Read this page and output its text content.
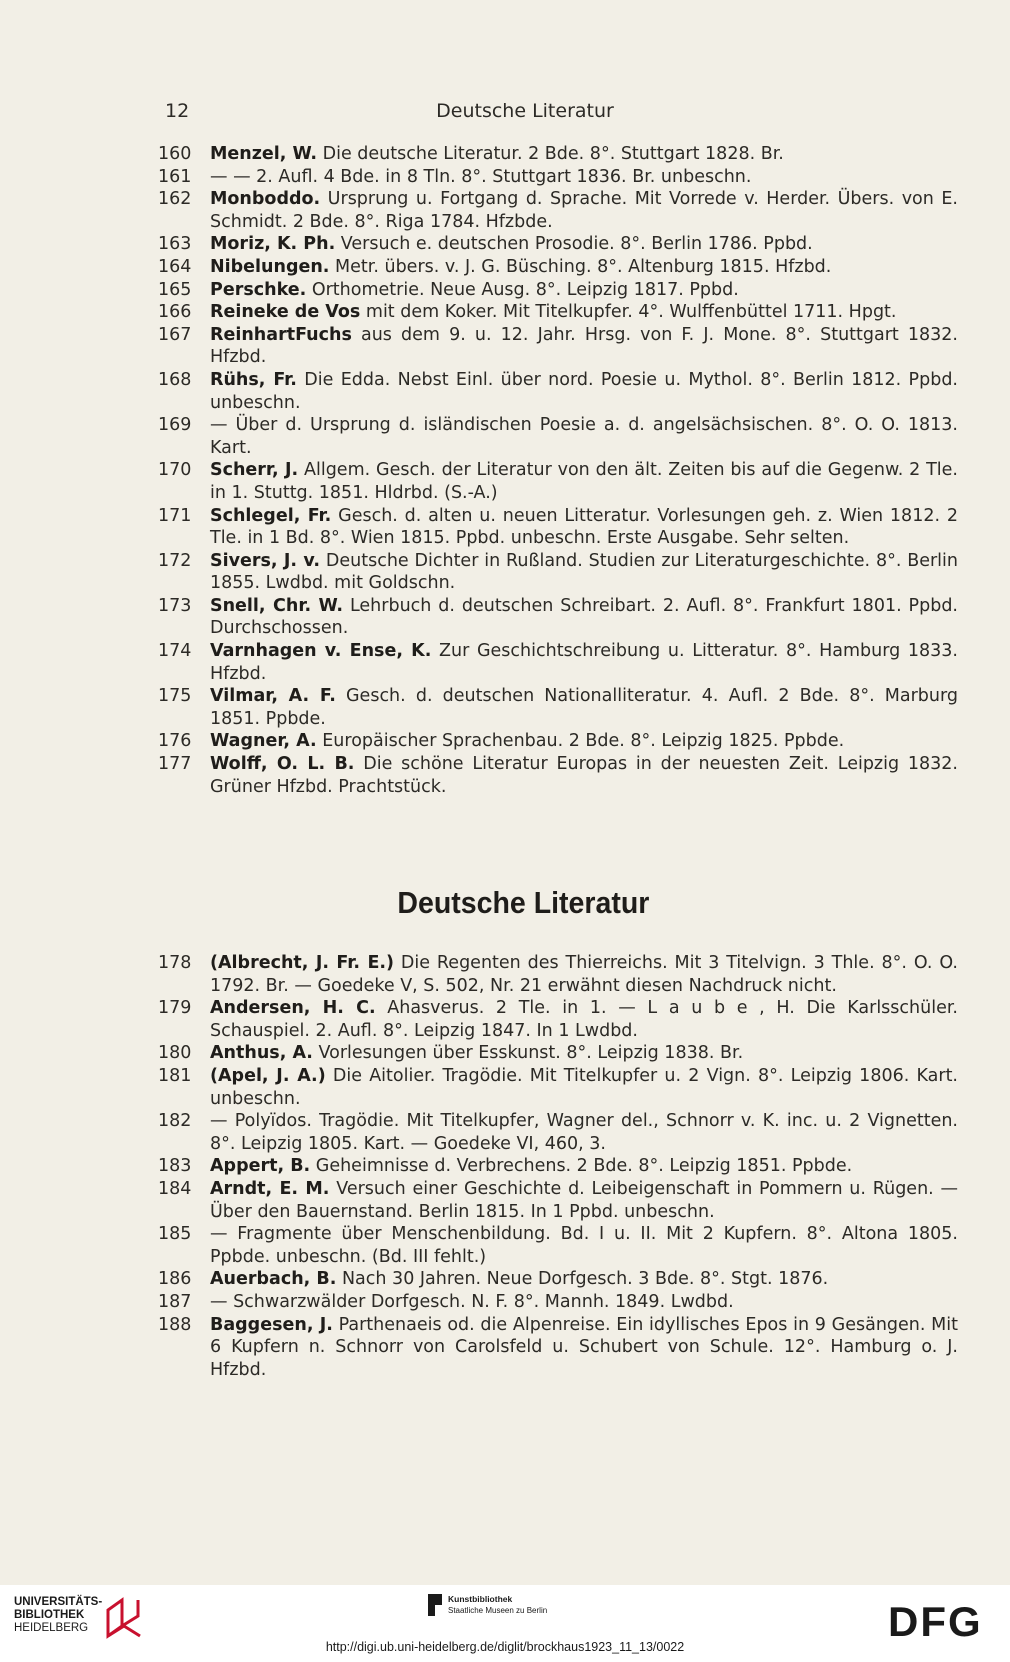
12	Deutsche Literatur
160	Menzel, W. Die deutsche Literatur. 2 Bde. 8°. Stuttgart 1828. Br.
161	— — 2. Aufl. 4 Bde. in 8 Tln. 8°. Stuttgart 1836. Br. unbeschn.
162	Monboddo. Ursprung u. Fortgang d. Sprache. Mit Vorrede v. Herder. Übers. von E. Schmidt. 2 Bde. 8°. Riga 1784. Hfzbde.
163	Moriz, K. Ph. Versuch e. deutschen Prosodie. 8°. Berlin 1786. Ppbd.
164	Nibelungen. Metr. übers. v. J. G. Büsching. 8°. Altenburg 1815. Hfzbd.
165	Perschke. Orthometrie. Neue Ausg. 8°. Leipzig 1817. Ppbd.
166	Reineke de Vos mit dem Koker. Mit Titelkupfer. 4°. Wulffenbüttel 1711. Hpgt.
167	ReinhartFuchs aus dem 9. u. 12. Jahr. Hrsg. von F. J. Mone. 8°. Stuttgart 1832. Hfzbd.
168	Rühs, Fr. Die Edda. Nebst Einl. über nord. Poesie u. Mythol. 8°. Berlin 1812. Ppbd. unbeschn.
169	— Über d. Ursprung d. isländischen Poesie a. d. angelsächsischen. 8°. O. O. 1813. Kart.
170	Scherr, J. Allgem. Gesch. der Literatur von den ält. Zeiten bis auf die Gegenw. 2 Tle. in 1. Stuttg. 1851. Hldrbd. (S.-A.)
171	Schlegel, Fr. Gesch. d. alten u. neuen Litteratur. Vorlesungen geh. z. Wien 1812. 2 Tle. in 1 Bd. 8°. Wien 1815. Ppbd. unbeschn. Erste Ausgabe. Sehr selten.
172	Sivers, J. v. Deutsche Dichter in Rußland. Studien zur Literaturgeschichte. 8°. Berlin 1855. Lwdbd. mit Goldschn.
173	Snell, Chr. W. Lehrbuch d. deutschen Schreibart. 2. Aufl. 8°. Frankfurt 1801. Ppbd. Durchschossen.
174	Varnhagen v. Ense, K. Zur Geschichtschreibung u. Litteratur. 8°. Hamburg 1833. Hfzbd.
175	Vilmar, A. F. Gesch. d. deutschen Nationalliteratur. 4. Aufl. 2 Bde. 8°. Marburg 1851. Ppbde.
176	Wagner, A. Europäischer Sprachenbau. 2 Bde. 8°. Leipzig 1825. Ppbde.
177	Wolff, O. L. B. Die schöne Literatur Europas in der neuesten Zeit. Leipzig 1832. Grüner Hfzbd. Prachtstück.
Deutsche Literatur
178	(Albrecht, J. Fr. E.) Die Regenten des Thierreichs. Mit 3 Titelvign. 3 Thle. 8°. O. O. 1792. Br. — Goedeke V, S. 502, Nr. 21 erwähnt diesen Nachdruck nicht.
179	Andersen, H. C. Ahasverus. 2 Tle. in 1. — L a u b e , H. Die Karlsschüler. Schauspiel. 2. Aufl. 8°. Leipzig 1847. In 1 Lwdbd.
180	Anthus, A. Vorlesungen über Esskunst. 8°. Leipzig 1838. Br.
181	(Apel, J. A.) Die Aitolier. Tragödie. Mit Titelkupfer u. 2 Vign. 8°. Leipzig 1806. Kart. unbeschn.
182	— Polyïdos. Tragödie. Mit Titelkupfer, Wagner del., Schnorr v. K. inc. u. 2 Vignetten. 8°. Leipzig 1805. Kart. — Goedeke VI, 460, 3.
183	Appert, B. Geheimnisse d. Verbrechens. 2 Bde. 8°. Leipzig 1851. Ppbde.
184	Arndt, E. M. Versuch einer Geschichte d. Leibeigenschaft in Pommern u. Rügen. — Über den Bauernstand. Berlin 1815. In 1 Ppbd. unbeschn.
185	— Fragmente über Menschenbildung. Bd. I u. II. Mit 2 Kupfern. 8°. Altona 1805. Ppbde. unbeschn. (Bd. III fehlt.)
186	Auerbach, B. Nach 30 Jahren. Neue Dorfgesch. 3 Bde. 8°. Stgt. 1876.
187	— Schwarzwälder Dorfgesch. N. F. 8°. Mannh. 1849. Lwdbd.
188	Baggesen, J. Parthenaeis od. die Alpenreise. Ein idyllisches Epos in 9 Gesängen. Mit 6 Kupfern n. Schnorr von Carolsfeld u. Schubert von Schule. 12°. Hamburg o. J. Hfzbd.
UNIVERSITÄTS-
BIBLIOTHEK
HEIDELBERG
Kunstbibliothek
Staatliche Museen zu Berlin	DFG
http://digi.ub.uni-heidelberg.de/diglit/brockhaus1923_11_13/0022
